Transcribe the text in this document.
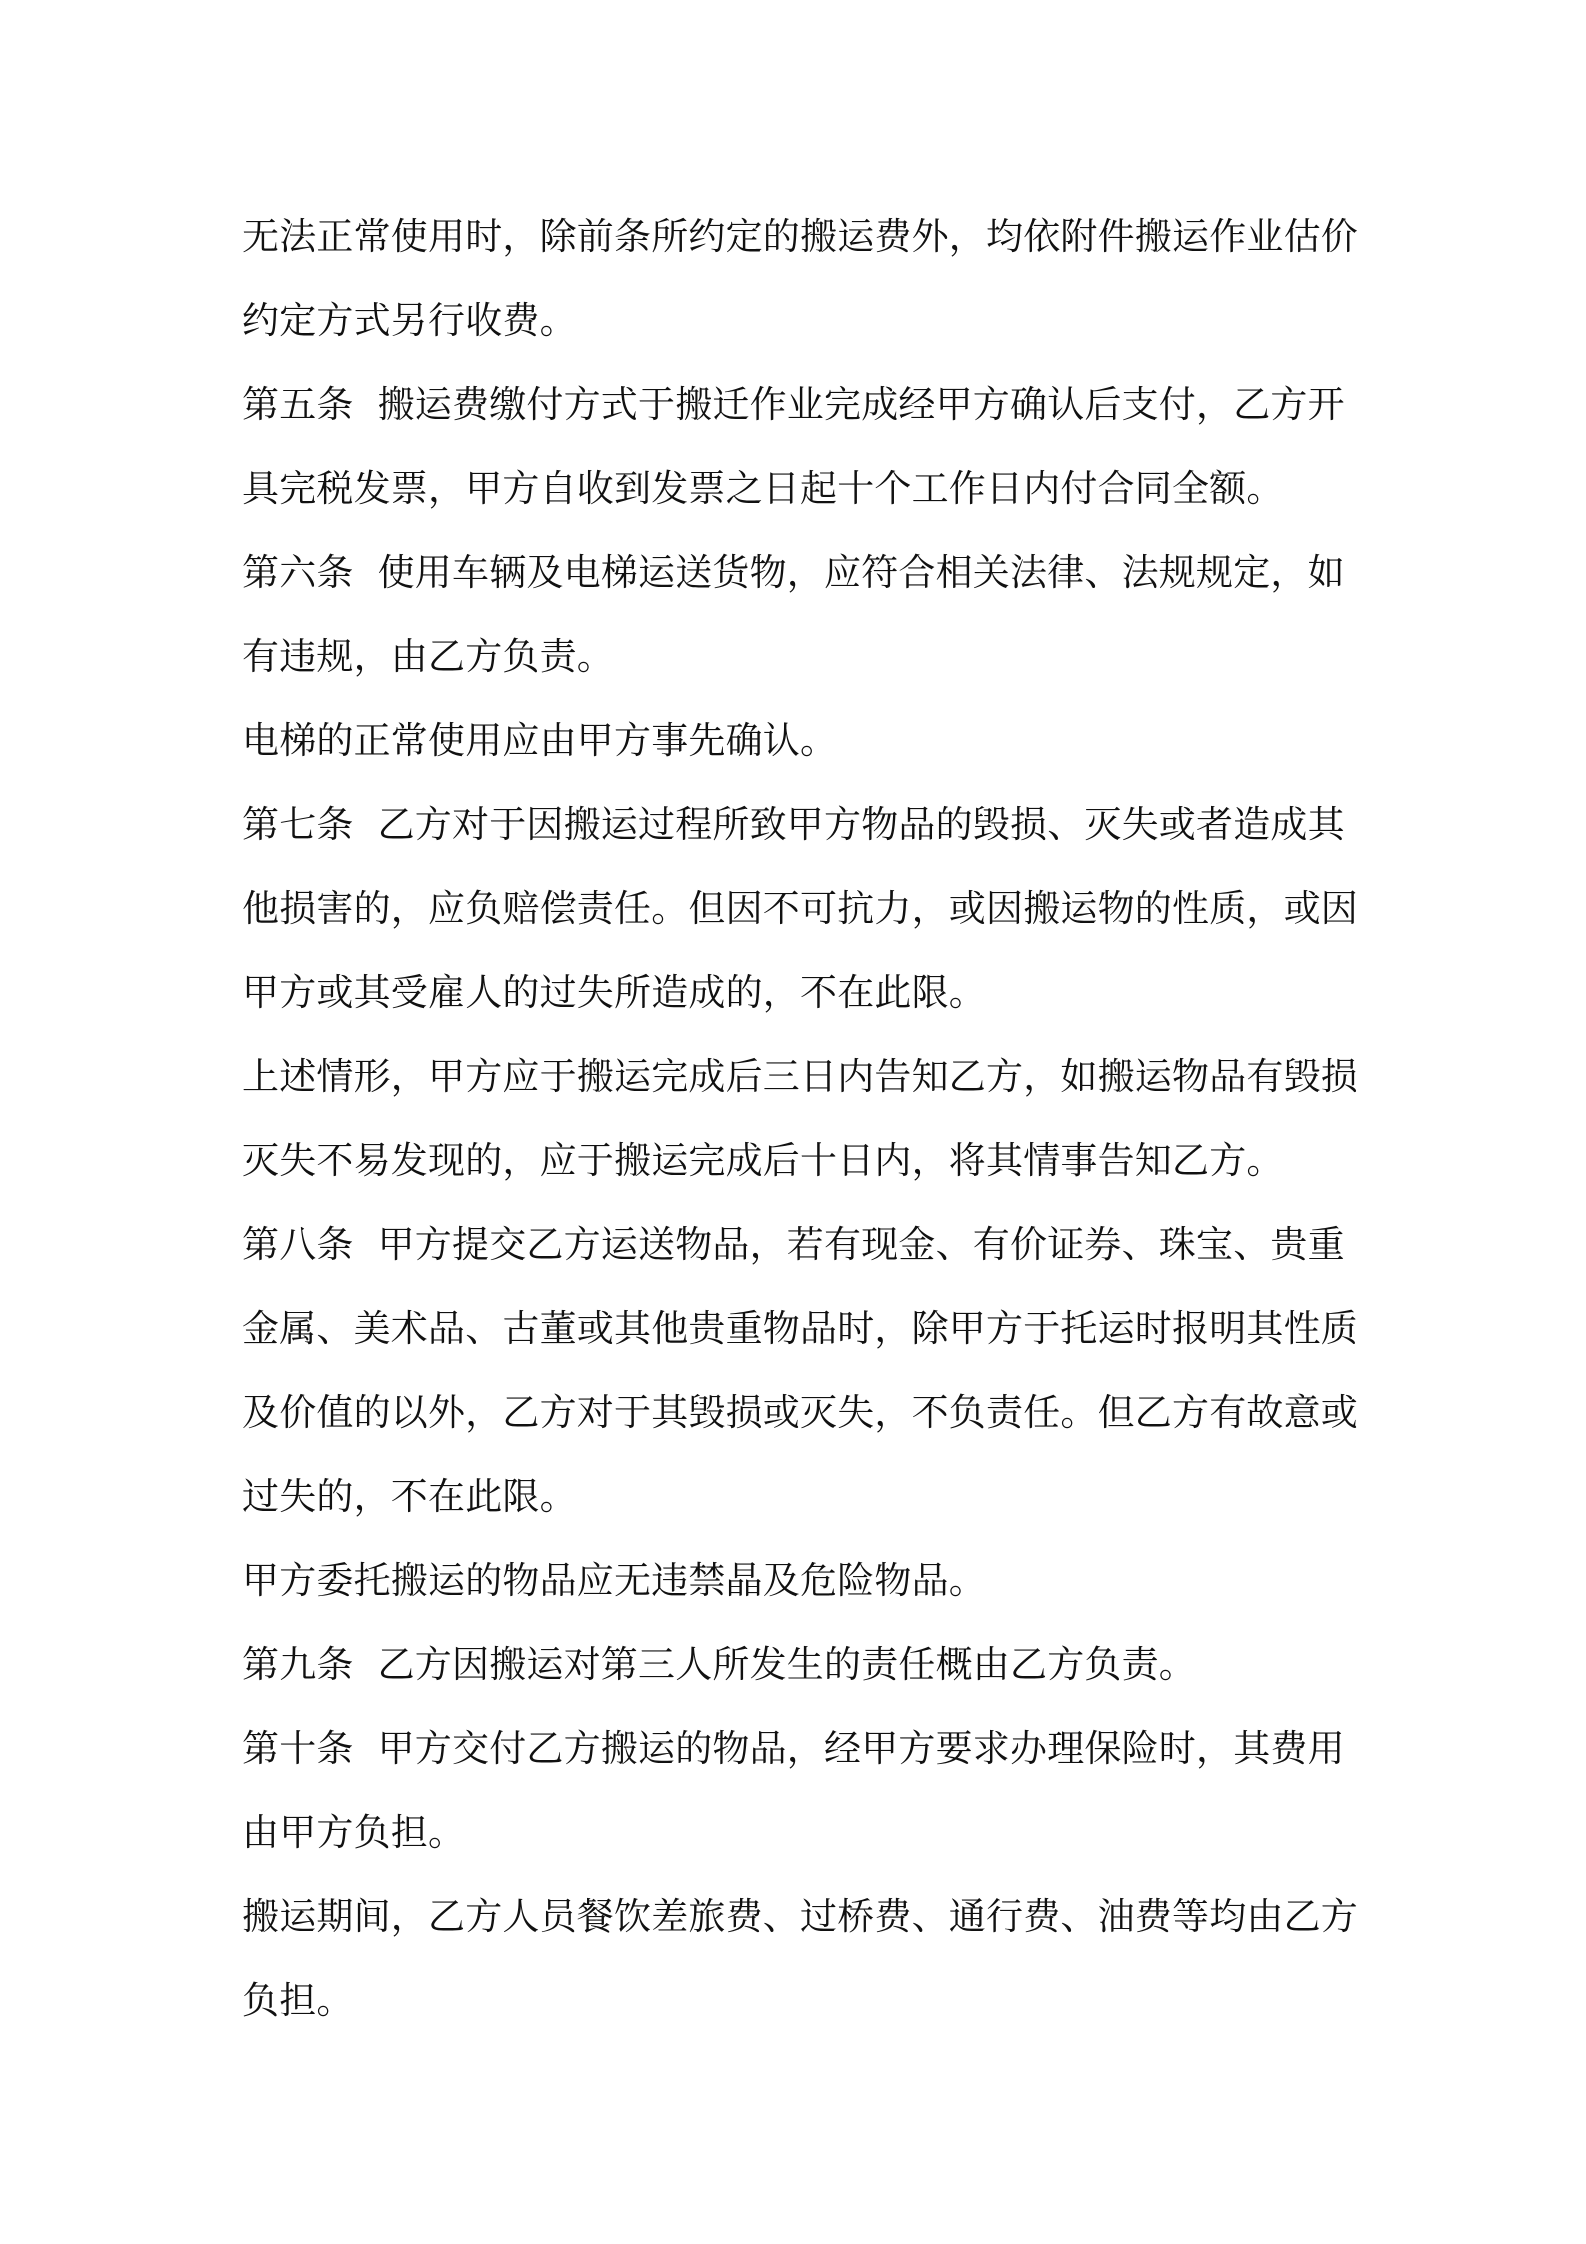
无法正常使用时，除前条所约定的搬运费外，均依附件搬运作业估价
约定方式另行收费。
第五条 搬运费缴付方式于搬迁作业完成经甲方确认后支付，乙方开
具完税发票，甲方自收到发票之日起十个工作日内付合同全额。
第六条 使用车辆及电梯运送货物，应符合相关法律、法规规定，如
有违规，由乙方负责。
电梯的正常使用应由甲方事先确认。
第七条 乙方对于因搬运过程所致甲方物品的毁损、灭失或者造成其
他损害的，应负赔偿责任。但因不可抗力，或因搬运物的性质，或因
甲方或其受雇人的过失所造成的，不在此限。
上述情形，甲方应于搬运完成后三日内告知乙方，如搬运物品有毁损
灭失不易发现的，应于搬运完成后十日内，将其情事告知乙方。
第八条 甲方提交乙方运送物品，若有现金、有价证券、珠宝、贵重
金属、美术品、古董或其他贵重物品时，除甲方于托运时报明其性质
及价值的以外，乙方对于其毁损或灭失，不负责任。但乙方有故意或
过失的，不在此限。
甲方委托搬运的物品应无违禁晶及危险物品。
第九条 乙方因搬运对第三人所发生的责任概由乙方负责。
第十条 甲方交付乙方搬运的物品，经甲方要求办理保险时，其费用
由甲方负担。
搬运期间，乙方人员餐饮差旅费、过桥费、通行费、油费等均由乙方
负担。
